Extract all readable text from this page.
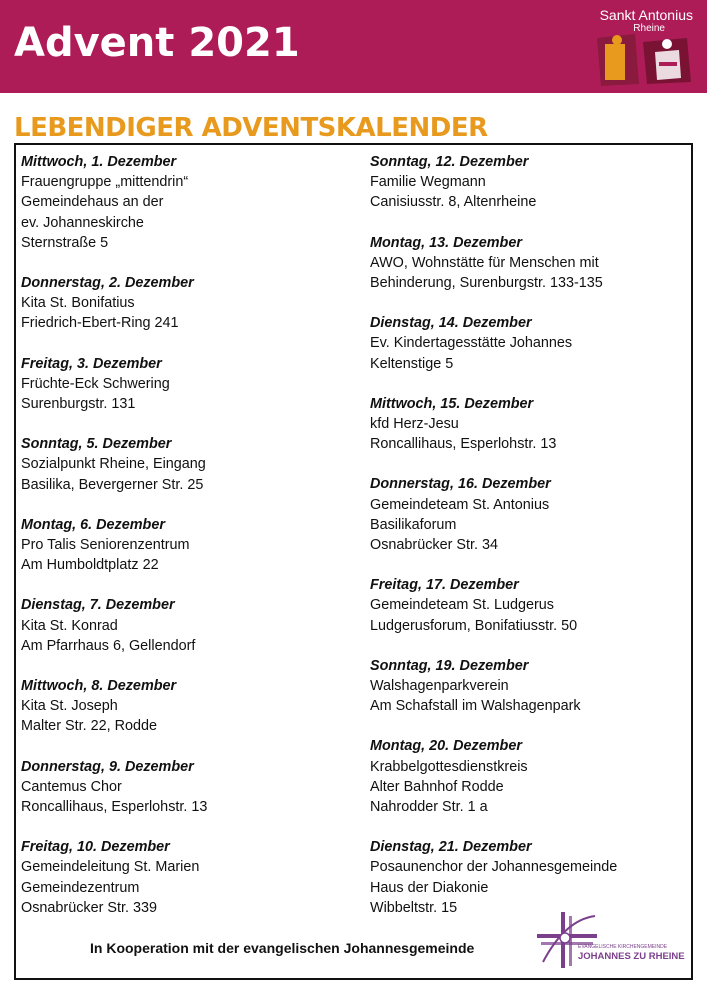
Advent 2021
Sankt Antonius
Rheine
LEBENDIGER ADVENTSKALENDER
Mittwoch, 1. Dezember
Frauengruppe „mittendrin“
Gemeindehaus an der
ev. Johanneskirche
Sternstraße 5
Donnerstag, 2. Dezember
Kita St. Bonifatius
Friedrich-Ebert-Ring 241
Freitag, 3. Dezember
Früchte-Eck Schwering
Surenburgstr. 131
Sonntag, 5. Dezember
Sozialpunkt Rheine, Eingang
Basilika, Bevergerner Str. 25
Montag, 6. Dezember
Pro Talis Seniorenzentrum
Am Humboldtplatz 22
Dienstag, 7. Dezember
Kita St. Konrad
Am Pfarrhaus 6, Gellendorf
Mittwoch, 8. Dezember
Kita St. Joseph
Malter Str. 22, Rodde
Donnerstag, 9. Dezember
Cantemus Chor
Roncallihaus, Esperlohstr. 13
Freitag, 10. Dezember
Gemeindeleitung St. Marien
Gemeindezentrum
Osnabrücker Str. 339
Sonntag, 12. Dezember
Familie Wegmann
Canisiusstr. 8, Altenrheine
Montag, 13. Dezember
AWO, Wohnstätte für Menschen mit
Behinderung, Surenburgstr. 133-135
Dienstag, 14. Dezember
Ev. Kindertagesstätte Johannes
Keltenstige 5
Mittwoch, 15. Dezember
kfd Herz-Jesu
Roncallihaus, Esperlohstr. 13
Donnerstag, 16. Dezember
Gemeindeteam St. Antonius
Basilikaforum
Osnabrücker Str. 34
Freitag, 17. Dezember
Gemeindeteam St. Ludgerus
Ludgerusforum, Bonifatiusstr. 50
Sonntag, 19. Dezember
Walshagenparkverein
Am Schafstall im Walshagenpark
Montag, 20. Dezember
Krabbelgottesdienstkreis
Alter Bahnhof Rodde
Nahrodder Str. 1 a
Dienstag, 21. Dezember
Posaunenchor der Johannesgemeinde
Haus der Diakonie
Wibbeltstr. 15
In Kooperation mit der evangelischen Johannesgemeinde	EVANGELISCHE KIRCHENGEMEINDE
JOHANNES ZU RHEINE
